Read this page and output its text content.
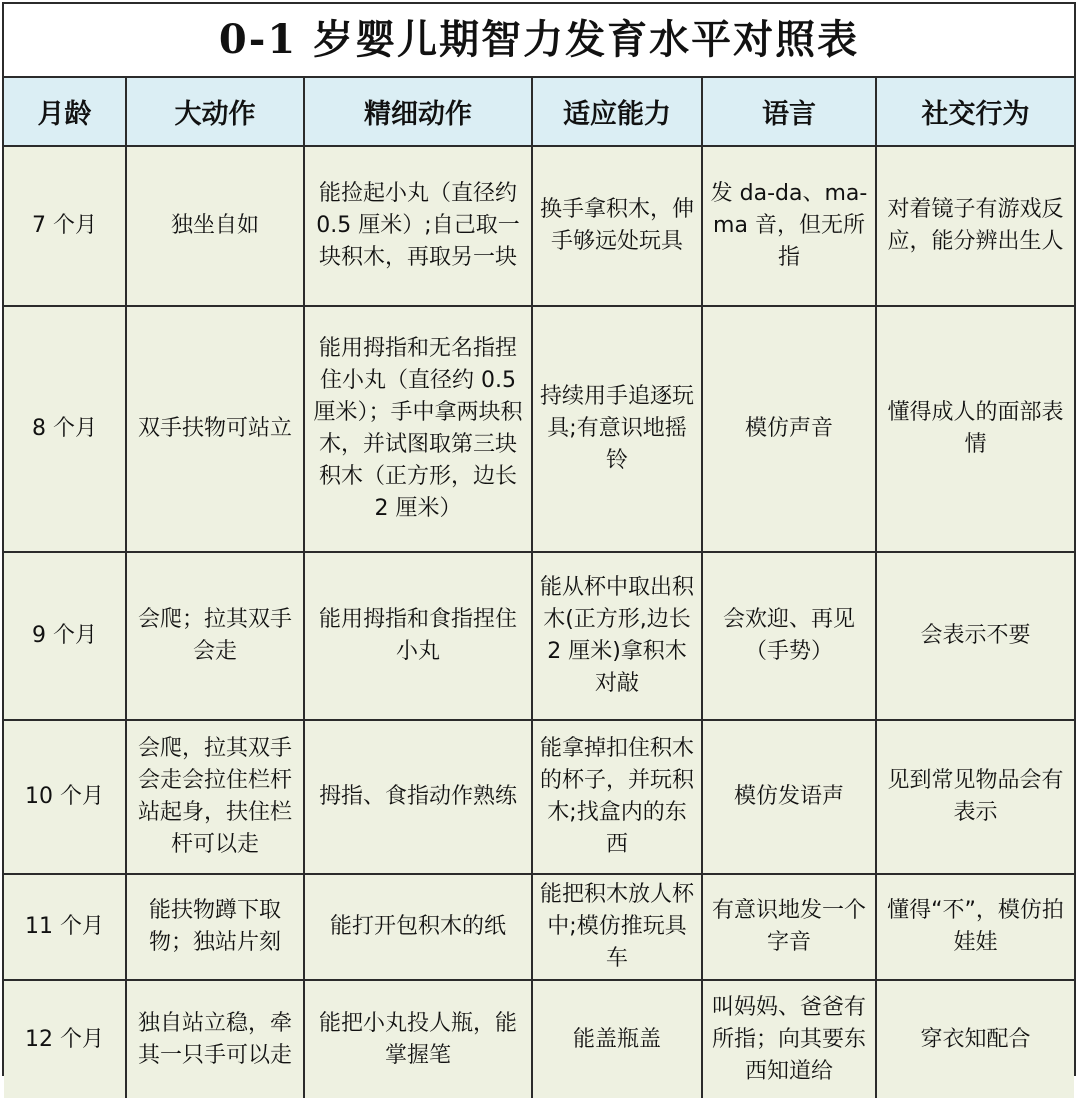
0-1 岁婴儿期智力发育水平对照表
月龄	大动作	精细动作	适应能力	语言	社交行为
7 个月	独坐自如	能捡起小丸（直径约 0.5 厘米）;自己取一块积木，再取另一块	换手拿积木，伸手够远处玩具	发 da-da、ma-ma 音，但无所指	对着镜子有游戏反应，能分辨出生人
8 个月	双手扶物可站立	能用拇指和无名指捏住小丸（直径约 0.5 厘米）；手中拿两块积木，并试图取第三块积木（正方形，边长 2 厘米）	持续用手追逐玩具;有意识地摇铃	模仿声音	懂得成人的面部表情
9 个月	会爬；拉其双手会走	能用拇指和食指捏住小丸	能从杯中取出积木(正方形,边长 2 厘米)拿积木对敲	会欢迎、再见（手势）	会表示不要
10 个月	会爬，拉其双手会走会拉住栏杆站起身，扶住栏杆可以走	拇指、食指动作熟练	能拿掉扣住积木的杯子，并玩积木;找盒内的东西	模仿发语声	见到常见物品会有表示
11 个月	能扶物蹲下取物；独站片刻	能打开包积木的纸	能把积木放人杯中;模仿推玩具车	有意识地发一个字音	懂得“不”，模仿拍娃娃
12 个月	独自站立稳，牵其一只手可以走	能把小丸投人瓶，能掌握笔	能盖瓶盖	叫妈妈、爸爸有所指；向其要东西知道给	穿衣知配合
